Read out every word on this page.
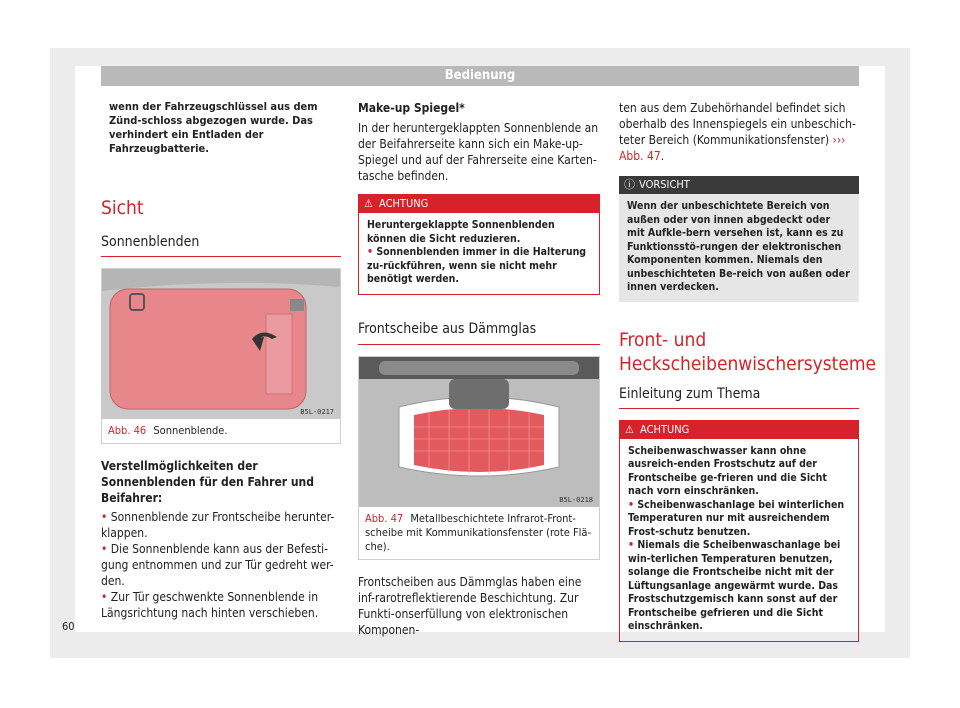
Bedienung

wenn der Fahrzeugschlüssel aus dem Zünd-schloss abgezogen wurde. Das verhindert ein Entladen der Fahrzeugbatterie.

Sicht
Sonnenblenden
B5L-0217
Abb. 46 Sonnenblende.

Verstellmöglichkeiten der Sonnenblenden für den Fahrer und Beifahrer:

• Sonnenblende zur Frontscheibe herunter-klappen.

• Die Sonnenblende kann aus der Befesti-gung entnommen und zur Tür gedreht wer-den.

• Zur Tür geschwenkte Sonnenblende in Längsrichtung nach hinten verschieben.

Make-up Spiegel*

In der heruntergeklappten Sonnenblende an der Beifahrerseite kann sich ein Make-up-Spiegel und auf der Fahrerseite eine Karten-tasche befinden.

⚠ ACHTUNG
Heruntergeklappte Sonnenblenden können die Sicht reduzieren.
• Sonnenblenden immer in die Halterung zu-rückführen, wenn sie nicht mehr benötigt werden.
Frontscheibe aus Dämmglas
B5L-0218
Abb. 47 Metallbeschichtete Infrarot-Front-scheibe mit Kommunikationsfenster (rote Flä-che).

Frontscheiben aus Dämmglas haben eine inf-rarotreflektierende Beschichtung. Zur Funkti-onserfüllung von elektronischen Komponen-

ten aus dem Zubehörhandel befindet sich oberhalb des Innenspiegels ein unbeschich-teter Bereich (Kommunikationsfenster) ››› Abb. 47.

ⓘ VORSICHT
Wenn der unbeschichtete Bereich von außen oder von innen abgedeckt oder mit Aufkle-bern versehen ist, kann es zu Funktionsstö-rungen der elektronischen Komponenten kommen. Niemals den unbeschichteten Be-reich von außen oder innen verdecken.
Front- und Heckscheibenwischersysteme
Einleitung zum Thema
⚠ ACHTUNG
Scheibenwaschwasser kann ohne ausreich-enden Frostschutz auf der Frontscheibe ge-frieren und die Sicht nach vorn einschränken.
• Scheibenwaschanlage bei winterlichen Temperaturen nur mit ausreichendem Frost-schutz benutzen.
• Niemals die Scheibenwaschanlage bei win-terlichen Temperaturen benutzen, solange die Frontscheibe nicht mit der Lüftungsanlage angewärmt wurde. Das Frostschutzgemisch kann sonst auf der Frontscheibe gefrieren und die Sicht einschränken.
60
